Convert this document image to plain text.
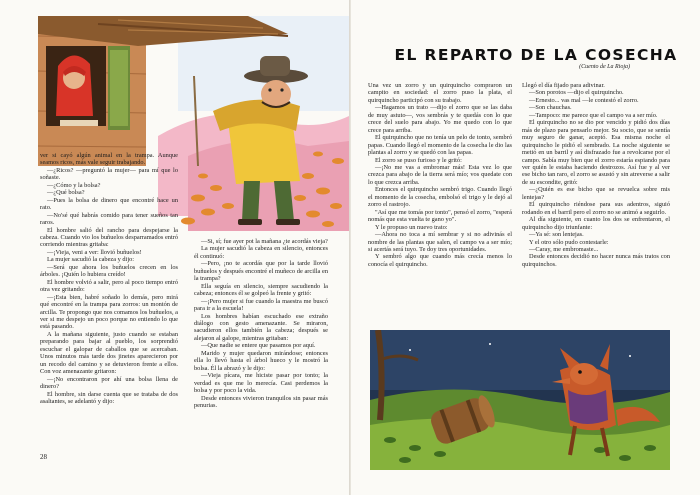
ver si cayó algún animal en la trampa. Aunque seamos ricos, más vale seguir trabajando.

—¿Ricos? —preguntó la mujer— para mí que lo soñaste.

—¿Cómo y la bolsa?

—¿Qué bolsa?

—Pues la bolsa de dinero que encontré hace un rato.

—No'sé qué habrás comido para tener sueños tan raros.

El hombre salió del rancho para despejarse la cabeza. Cuando vio los buñuelos desparramados entró corriendo mientras gritaba:

—¡Vieja, veni a ver: llovió buñuelos!

La mujer sacudió la cabeza y dijo:

—Será que ahora los buñuelos crecen en los árboles. ¡Quién lo hubiera creído!

El hombre volvió a salir, pero al poco tiempo entró otra vez gritando:

—¡Esta bien, habré soñado lo demás, pero mirá qué encontré en la trampa para zorros: un montón de arcilla. Te propongo que nos comamos los buñuelos, a ver si me despejo un poco porque no entiendo lo que está pasando.

A la mañana siguiente, justo cuando se estaban preparando para bajar al pueblo, los sorprendió escuchar el galopar de caballos que se acercaban. Unos minutos más tarde dos jinetes aparecieron por un recodo del camino y se detuvieron frente a ellos. Con voz amenazante gritaron:

—¡No encontraron por ahí una bolsa llena de dinero?

El hombre, sin darse cuenta que se trataba de dos asaltantes, se adelantó y dijo:

—Si, sí; fue ayer pot la mañana ¿te acordás vieja?

La mujer sacudió la cabeza en silencio, entonces él continuó:

—Pero, ¡no te acordás que por la tarde llovió buñuelos y después encontré el muñeco de arcilla en la trampa?

Ella seguía en silencio, siempre sacudiendo la cabeza; entonces él se golpeó la frente y gritó:

—¡Pero mujer si fue cuando la maestra me buscó para ir a la escuela!

Los hombres habían escuchado ese extraño diálogo con gesto amenazante. Se miraron, sacudieron ellos también la cabeza; después se alejaron al galope, mientras gritaban:

—Que nadie se entere que pasamos por aquí.

Marido y mujer quedaron mirándose; entonces ella lo llevó hasta el árbol hueco y le mostró la bolsa. Él la abrazó y le dijo:

—Vieja pícara, me hiciste pasar por tonto; la verdad es que me lo merecía. Casi perdemos la bolsa y por poco la vida.

Desde entonces vivieron tranquilos sin pasar más penurias.

28
EL REPARTO DE LA COSECHA
(Cuento de La Rioja)

Una vez un zorro y un quirquincho compraron un campito en sociedad: el zorro puso la plata, el quirquincho participó con su trabajo.

—Hagamos un trato —dijo el zorro que se las daba de muy astuto—, vos sembrás y te quedás con lo que crece del suelo para abajo. Yo me quedo con lo que crece para arriba.

El quirquincho que no tenía un pelo de tonto, sembró papas. Cuando llegó el momento de la cosecha le dio las plantas al zorro y se quedó con las papas.

El zorro se puso furioso y le gritó:

—¡No me vas a embromar más! Esta vez lo que crezca para abajo de la tierra será mío; vos quedate con lo que crezca arriba.

Entonces el quirquincho sembró trigo. Cuando llegó el momento de la cosecha, embolsó el trigo y le dejó al zorro el rastrojo.

"Así que me tomás por tonto", pensó el zorro, "esperá nomás que esta vuelta te gano yo".

Y le propuso un nuevo trato:

—Ahora no toca a mí sembrar y si no adivinás el nombre de las plantas que salen, el campo va a ser mío; si acertás será tuyo. Te doy tres oportunidades.

Y sembró algo que cuando más crecía menos lo conocía el quirquincho.

Llegó el día fijado para adivinar.

—Son porotos —dijo el quirquincho.

—Ernesto... vas mal —le contestó el zorro.

—Son chauchas.

—Tampoco: me parece que el campo va a ser mío.

El quirquincho no se dio por vencido y pidió dos días más de plazo para pensarlo mejor. Su socio, que se sentía muy seguro de ganar, aceptó. Esa misma noche el quirquincho le pidió el sembrado. La noche siguiente se metió en un barril y así disfrazado fue a revolcarse por el campo. Sabía muy bien que el zorro estaría espiando para ver quién le estaba haciendo destrozos. Así fue y al ver ese bicho tan raro, el zorro se asustó y sin atreverse a salir de su escondite, gritó:

—¿Quién es ese bicho que se revuelca sobre mis lentejas?

El quirquincho riéndose para sus adentros, siguió rodando en el barril pero el zorro no se animó a seguirlo.

Al día siguiente, en cuanto los dos se enfrentaron, el quirquincho dijo triunfante:

—Ya sé: son lentejas.

Y el otro sólo pudo contestarle:

—Caray, me embromaste...

Desde entonces decidió no hacer nunca más tratos con quirquinchos.
